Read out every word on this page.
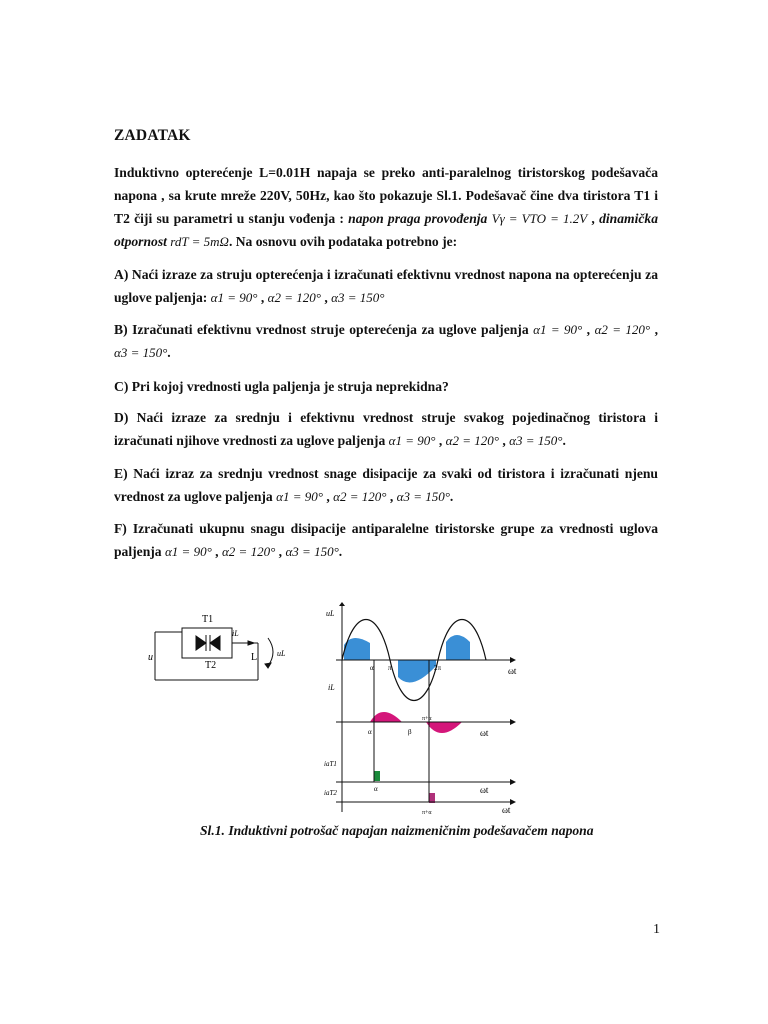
ZADATAK
Induktivno opterećenje L=0.01H napaja se preko anti-paralelnog tiristorskog podešavača napona , sa krute mreže 220V, 50Hz, kao što pokazuje Sl.1. Podešavač čine dva tiristora T1 i T2 čiji su parametri u stanju vođenja : napon praga provođenja Vγ = VTO = 1.2V , dinamička otpornost rdT = 5mΩ. Na osnovu ovih podataka potrebno je:
A) Naći izraze za struju opterećenja i izračunati efektivnu vrednost napona na opterećenju za uglove paljenja: α1 = 90° , α2 = 120° , α3 = 150°
B) Izračunati efektivnu vrednost struje opterećenja za uglove paljenja α1 = 90° , α2 = 120° , α3 = 150°.
C) Pri kojoj vrednosti ugla paljenja je struja neprekidna?
D) Naći izraze za srednju i efektivnu vrednost struje svakog pojedinačnog tiristora i izračunati njihove vrednosti za uglove paljenja α1 = 90° , α2 = 120° , α3 = 150°.
E) Naći izraz za srednju vrednost snage disipacije za svaki od tiristora i izračunati njenu vrednost za uglove paljenja α1 = 90° , α2 = 120° , α3 = 150°.
F) Izračunati ukupnu snagu disipacije antiparalelne tiristorske grupe za vrednosti uglova paljenja α1 = 90° , α2 = 120° , α3 = 150°.
T1
T2
u	L
iL
uL
uL
iL
iaT1
iaT2
ωt
ωt
ωt
ωt
α π	2π
α	β
π+α
α
π+α
Sl.1. Induktivni potrošač napajan naizmeničnim podešavačem napona
1
